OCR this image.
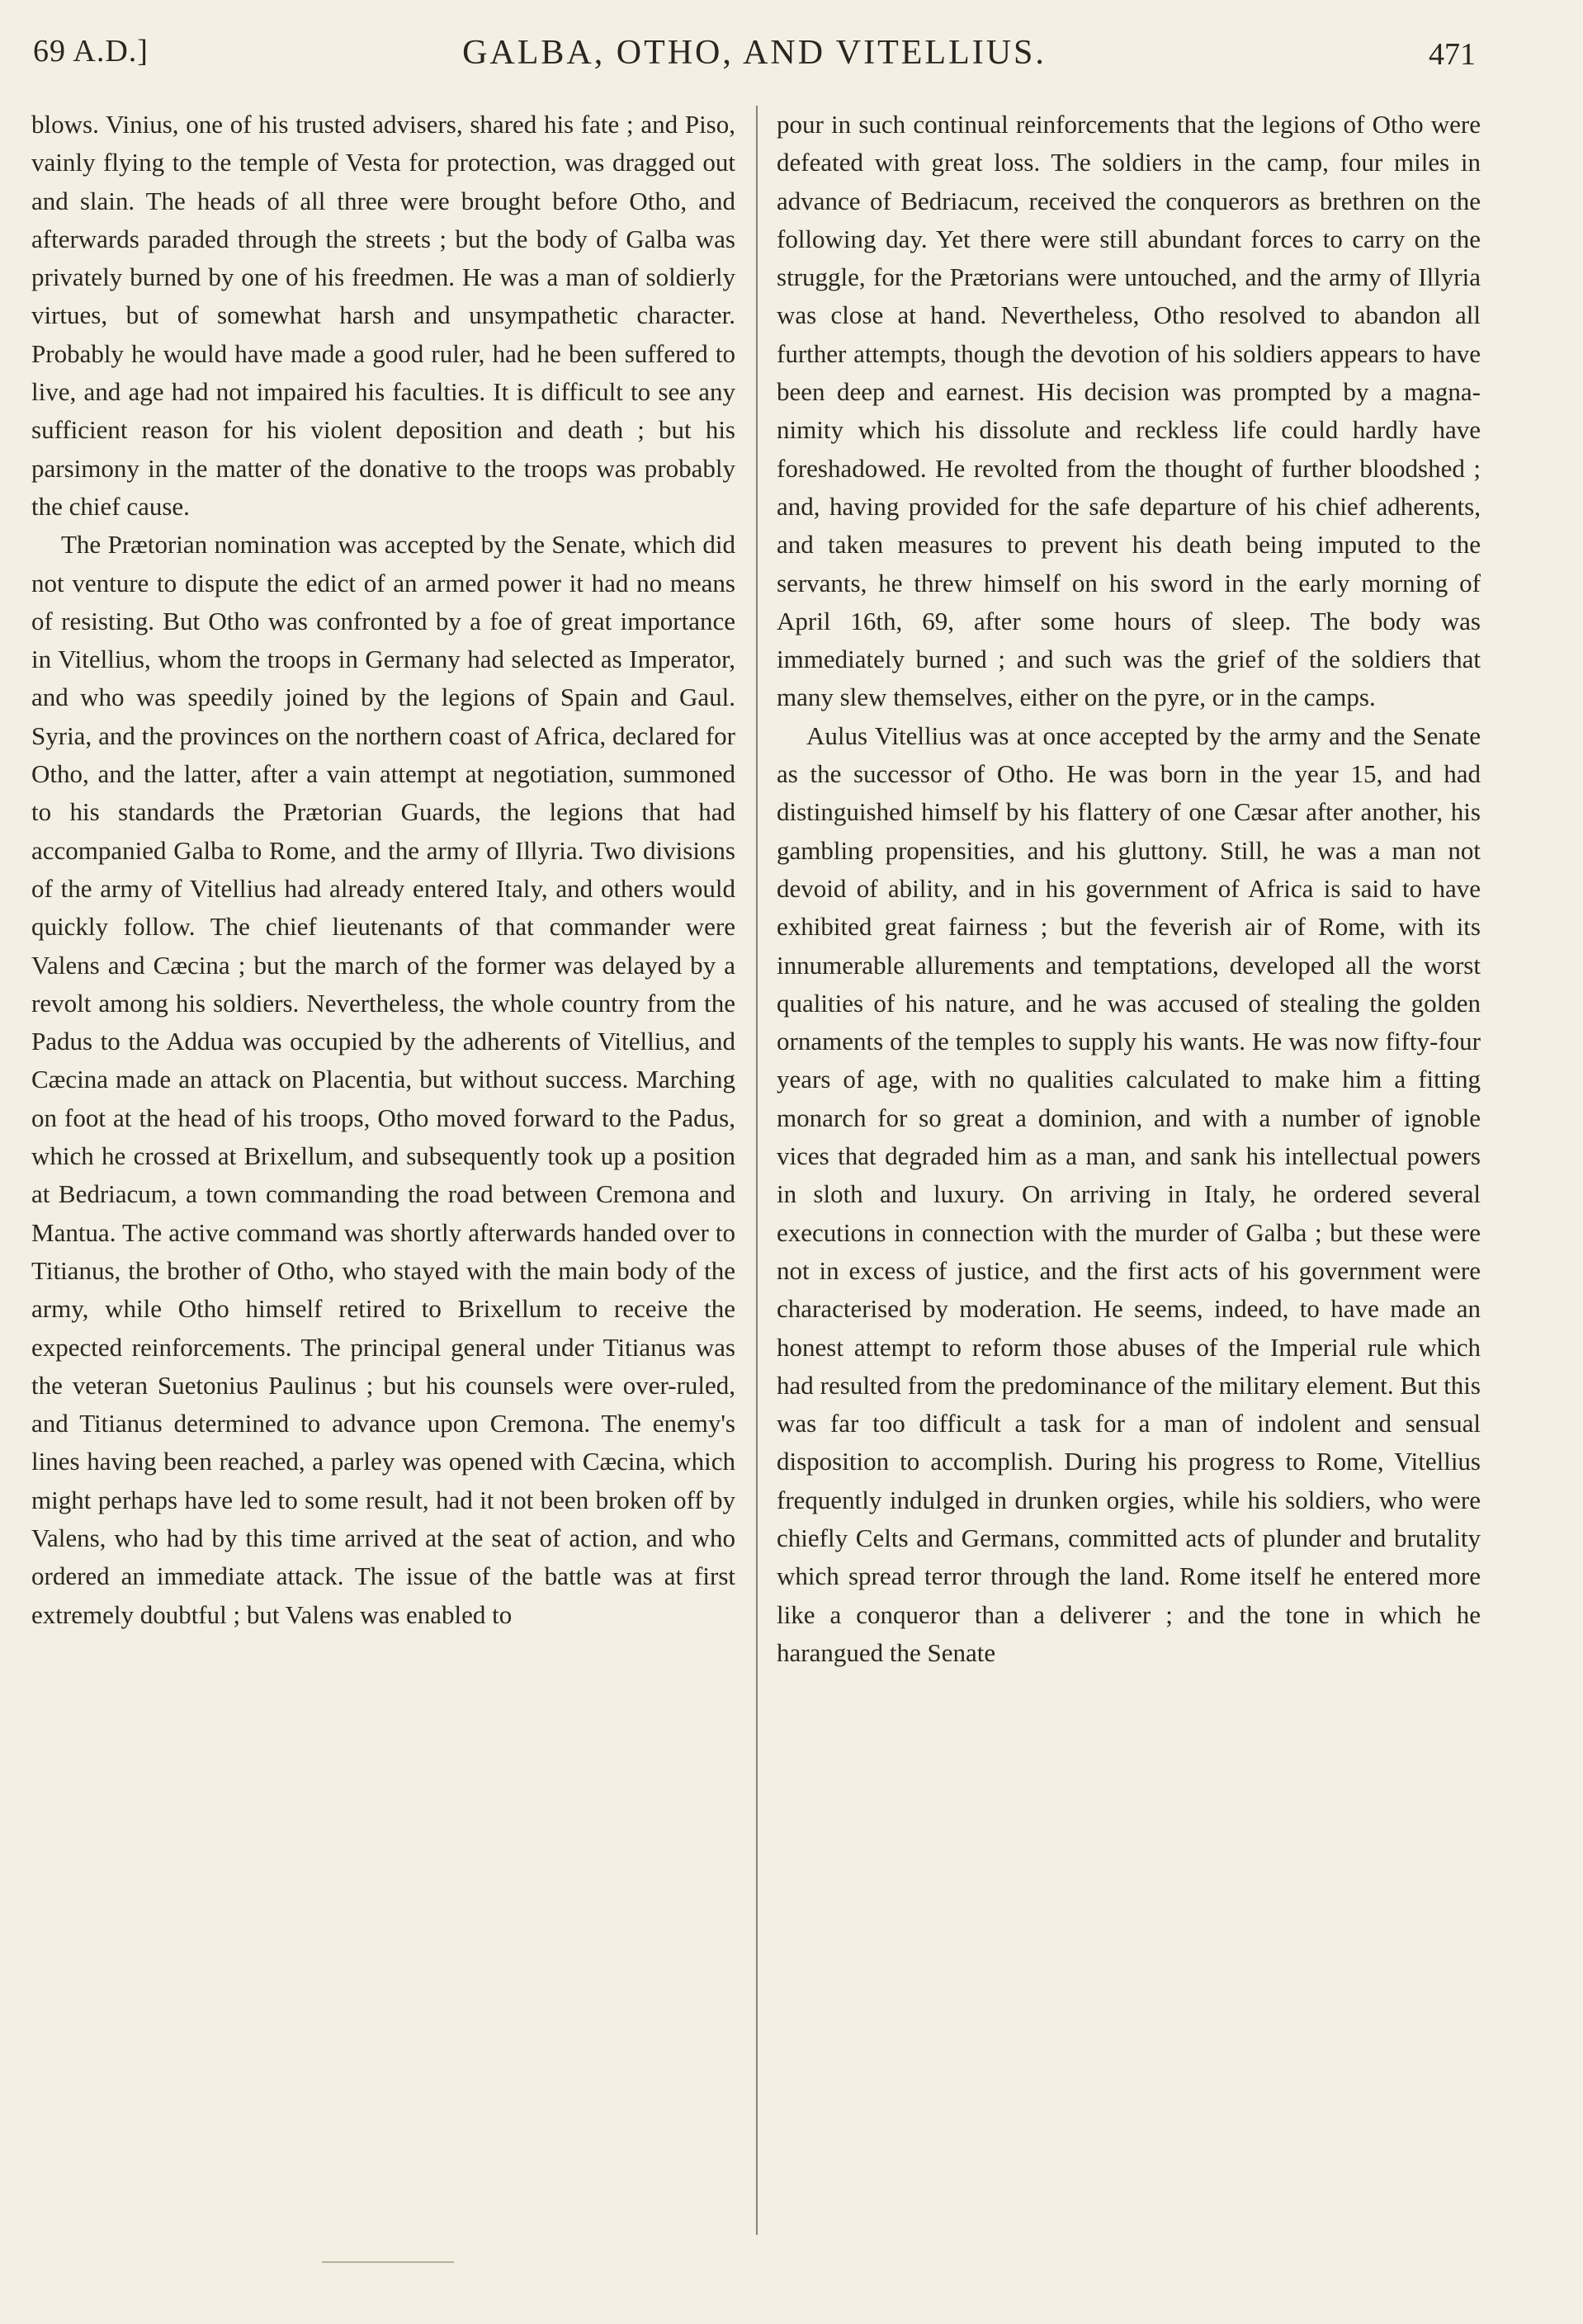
69 A.D.]	GALBA, OTHO, AND VITELLIUS.	471

blows. Vinius, one of his trusted advisers, shared his fate ; and Piso, vainly flying to the temple of Vesta for protection, was dragged out and slain. The heads of all three were brought before Otho, and afterwards paraded through the streets ; but the body of Galba was privately burned by one of his freedmen. He was a man of soldierly virtues, but of somewhat harsh and unsympathetic character. Probably he would have made a good ruler, had he been suffered to live, and age had not impaired his faculties. It is difficult to see any sufficient reason for his violent deposition and death ; but his parsimony in the matter of the donative to the troops was probably the chief cause.

The Prætorian nomination was accepted by the Senate, which did not venture to dispute the edict of an armed power it had no means of resisting. But Otho was confronted by a foe of great importance in Vitellius, whom the troops in Germany had selected as Imperator, and who was speedily joined by the legions of Spain and Gaul. Syria, and the provinces on the northern coast of Africa, declared for Otho, and the latter, after a vain attempt at negotiation, summoned to his standards the Prætorian Guards, the legions that had accompanied Galba to Rome, and the army of Illyria. Two divisions of the army of Vitellius had already entered Italy, and others would quickly follow. The chief lieutenants of that commander were Valens and Cæcina ; but the march of the former was delayed by a revolt among his soldiers. Nevertheless, the whole country from the Padus to the Addua was occupied by the adherents of Vitellius, and Cæcina made an attack on Placentia, but without success. Marching on foot at the head of his troops, Otho moved forward to the Padus, which he crossed at Brixellum, and subsequently took up a position at Bedriacum, a town commanding the road between Cremona and Mantua. The active command was shortly afterwards handed over to Titianus, the brother of Otho, who stayed with the main body of the army, while Otho himself retired to Brixellum to receive the expected reinforcements. The principal general under Titianus was the veteran Suetonius Paulinus ; but his counsels were over-ruled, and Titianus determined to advance upon Cremona. The enemy's lines having been reached, a parley was opened with Cæcina, which might perhaps have led to some result, had it not been broken off by Valens, who had by this time arrived at the seat of action, and who ordered an immediate attack. The issue of the battle was at first extremely doubtful ; but Valens was enabled to

pour in such continual reinforcements that the legions of Otho were defeated with great loss. The soldiers in the camp, four miles in advance of Bedriacum, received the conquerors as brethren on the following day. Yet there were still abundant forces to carry on the struggle, for the Prætorians were untouched, and the army of Illyria was close at hand. Nevertheless, Otho resolved to abandon all further attempts, though the devotion of his soldiers appears to have been deep and earnest. His decision was prompted by a magnanimity which his dissolute and reckless life could hardly have foreshadowed. He revolted from the thought of further bloodshed ; and, having provided for the safe departure of his chief adherents, and taken measures to prevent his death being imputed to the servants, he threw himself on his sword in the early morning of April 16th, 69, after some hours of sleep. The body was immediately burned ; and such was the grief of the soldiers that many slew themselves, either on the pyre, or in the camps.

Aulus Vitellius was at once accepted by the army and the Senate as the successor of Otho. He was born in the year 15, and had distinguished himself by his flattery of one Cæsar after another, his gambling propensities, and his gluttony. Still, he was a man not devoid of ability, and in his government of Africa is said to have exhibited great fairness ; but the feverish air of Rome, with its innumerable allurements and temptations, developed all the worst qualities of his nature, and he was accused of stealing the golden ornaments of the temples to supply his wants. He was now fifty-four years of age, with no qualities calculated to make him a fitting monarch for so great a dominion, and with a number of ignoble vices that degraded him as a man, and sank his intellectual powers in sloth and luxury. On arriving in Italy, he ordered several executions in connection with the murder of Galba ; but these were not in excess of justice, and the first acts of his government were characterised by moderation. He seems, indeed, to have made an honest attempt to reform those abuses of the Imperial rule which had resulted from the predominance of the military element. But this was far too difficult a task for a man of indolent and sensual disposition to accomplish. During his progress to Rome, Vitellius frequently indulged in drunken orgies, while his soldiers, who were chiefly Celts and Germans, committed acts of plunder and brutality which spread terror through the land. Rome itself he entered more like a conqueror than a deliverer ; and the tone in which he harangued the Senate
